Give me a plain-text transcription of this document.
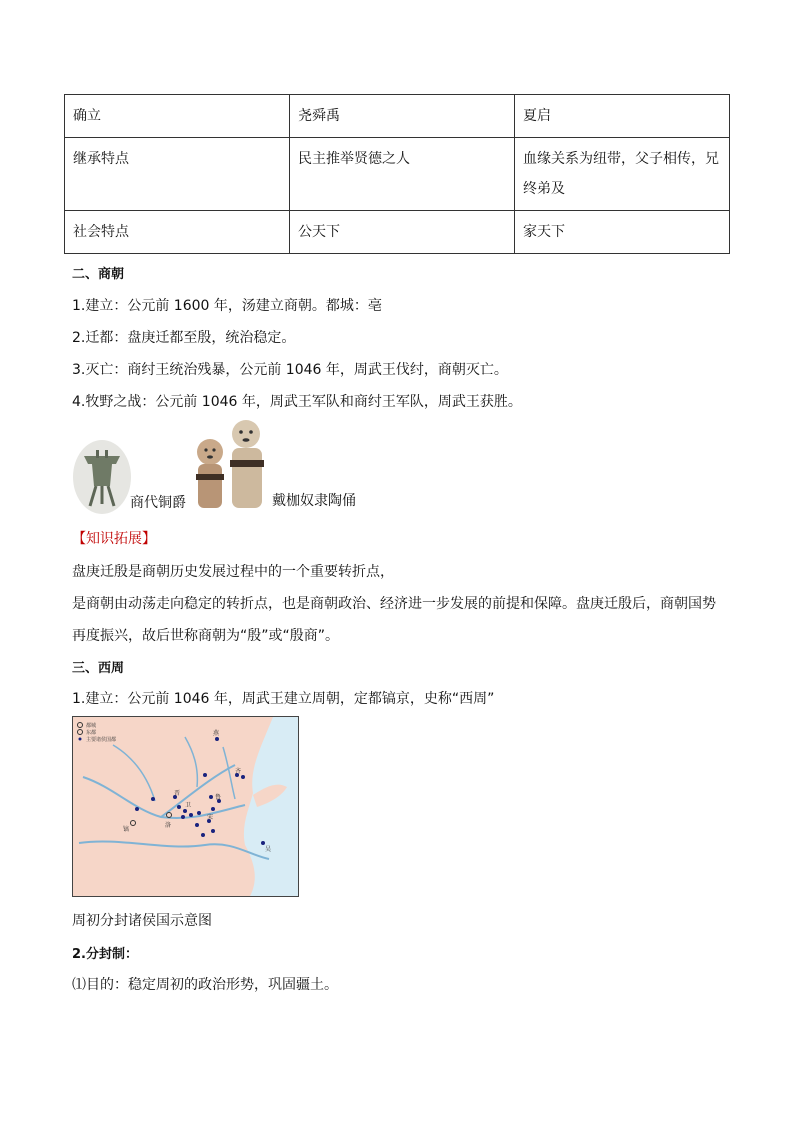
确立	尧舜禹	夏启
继承特点	民主推举贤德之人	血缘关系为纽带，父子相传，兄终弟及
社会特点	公天下	家天下
二、商朝
1.建立：公元前 1600 年，汤建立商朝。都城：亳
2.迁都：盘庚迁都至殷，统治稳定。
3.灭亡：商纣王统治残暴，公元前 1046 年，周武王伐纣，商朝灭亡。
4.牧野之战：公元前 1046 年，周武王军队和商纣王军队，周武王获胜。
商代铜爵	戴枷奴隶陶俑
【知识拓展】
盘庚迁殷是商朝历史发展过程中的一个重要转折点，
是商朝由动荡走向稳定的转折点，也是商朝政治、经济进一步发展的前提和保障。盘庚迁殷后，商朝国势
再度振兴，故后世称商朝为“殷”或“殷商”。
三、西周
1.建立：公元前 1046 年，周武王建立周朝，定都镐京，史称“西周”
都城
东都
主要诸侯国都
燕
齐
晋
鲁
镐
洛
宋
吴
卫
周初分封诸侯国示意图
2.分封制：
⑴目的：稳定周初的政治形势，巩固疆土。
